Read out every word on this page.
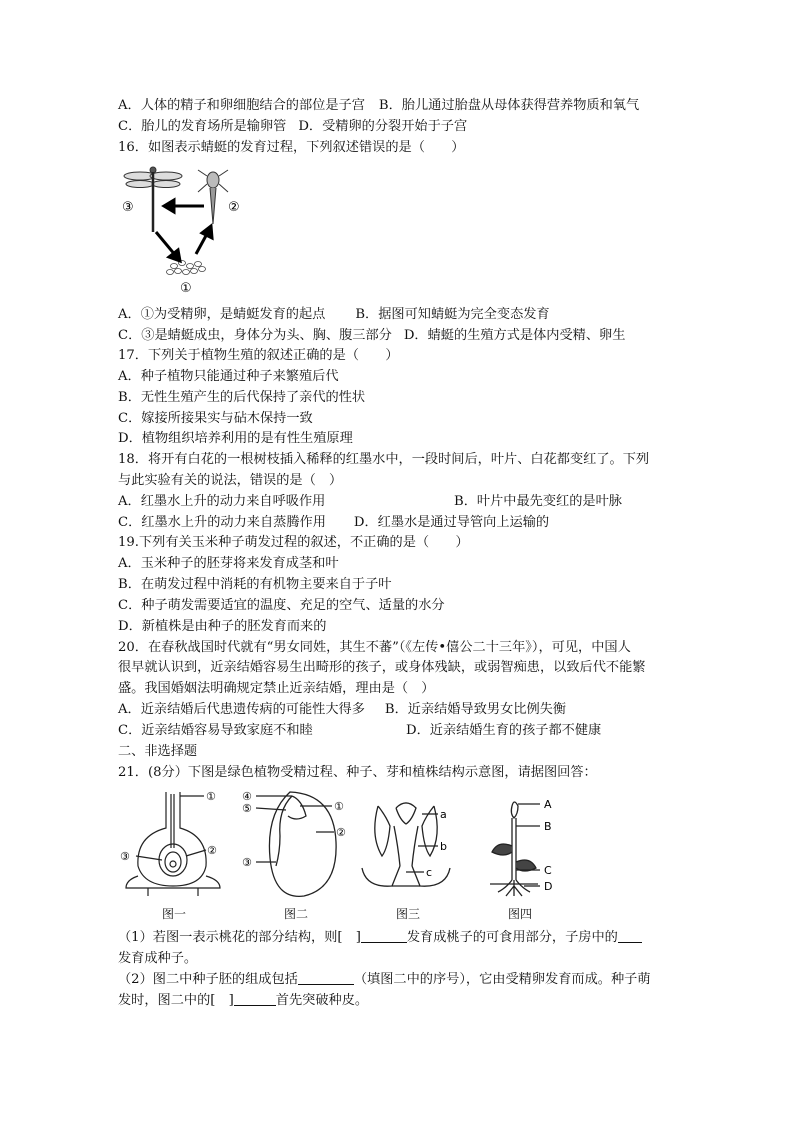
A．人体的精子和卵细胞结合的部位是子宫 B．胎儿通过胎盘从母体获得营养物质和氧气
C．胎儿的发育场所是输卵管 D．受精卵的分裂开始于子宫
16．如图表示蜻蜓的发育过程，下列叙述错误的是（　　）
③	②
①
A．①为受精卵，是蜻蜓发育的起点 B．据图可知蜻蜓为完全变态发育
C．③是蜻蜓成虫，身体分为头、胸、腹三部分 D．蜻蜓的生殖方式是体内受精、卵生
17．下列关于植物生殖的叙述正确的是（　　）
A．种子植物只能通过种子来繁殖后代
B．无性生殖产生的后代保持了亲代的性状
C．嫁接所接果实与砧木保持一致
D．植物组织培养利用的是有性生殖原理
18．将开有白花的一根树枝插入稀释的红墨水中，一段时间后，叶片、白花都变红了。下列
与此实验有关的说法，错误的是（　）
A．红墨水上升的动力来自呼吸作用	B．叶片中最先变红的是叶脉
C．红墨水上升的动力来自蒸腾作用 D．红墨水是通过导管向上运输的
19.下列有关玉米种子萌发过程的叙述，不正确的是（　　）
A．玉米种子的胚芽将来发育成茎和叶
B．在萌发过程中消耗的有机物主要来自于子叶
C．种子萌发需要适宜的温度、充足的空气、适量的水分
D．新植株是由种子的胚发育而来的
20．在春秋战国时代就有“男女同姓，其生不蕃”（《左传•僖公二十三年》），可见，中国人
很早就认识到，近亲结婚容易生出畸形的孩子，或身体残缺，或弱智痴患，以致后代不能繁
盛。我国婚姻法明确规定禁止近亲结婚，理由是（　）
A．近亲结婚后代患遗传病的可能性大得多 B．近亲结婚导致男女比例失衡
C．近亲结婚容易导致家庭不和睦	D．近亲结婚生育的孩子都不健康
二、非选择题
21．(8分）下图是绿色植物受精过程、种子、芽和植株结构示意图，请据图回答：
①
②
③
图一
④
⑤	①
②
③
图二
a
b
c
图三
A
B
C
D
图四
（1）若图一表示桃花的部分结构，则[　]	发育成桃子的可食用部分，子房中的
发育成种子。
（2）图二中种子胚的组成包括	（填图二中的序号），它由受精卵发育而成。种子萌
发时，图二中的[　]	首先突破种皮。
